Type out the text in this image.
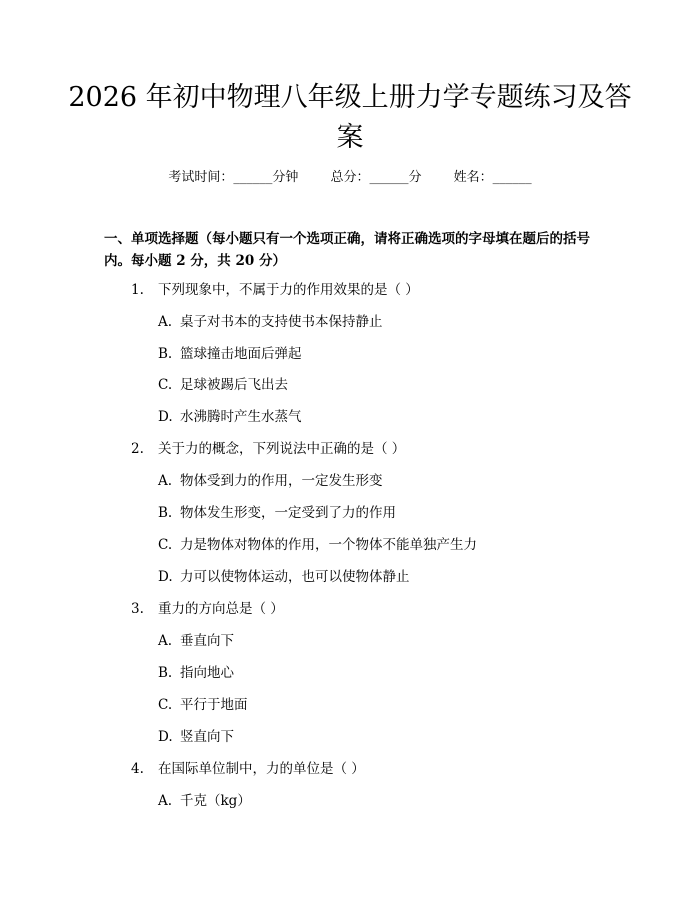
2026 年初中物理八年级上册力学专题练习及答案
考试时间：______分钟 总分：______分 姓名：______
一、单项选择题（每小题只有一个选项正确，请将正确选项的字母填在题后的括号内。每小题 2 分，共 20 分）
1. 下列现象中，不属于力的作用效果的是（ ）
A. 桌子对书本的支持使书本保持静止
B. 篮球撞击地面后弹起
C. 足球被踢后飞出去
D. 水沸腾时产生水蒸气
2. 关于力的概念，下列说法中正确的是（ ）
A. 物体受到力的作用，一定发生形变
B. 物体发生形变，一定受到了力的作用
C. 力是物体对物体的作用，一个物体不能单独产生力
D. 力可以使物体运动，也可以使物体静止
3. 重力的方向总是（ ）
A. 垂直向下
B. 指向地心
C. 平行于地面
D. 竖直向下
4. 在国际单位制中，力的单位是（ ）
A. 千克（kg）
